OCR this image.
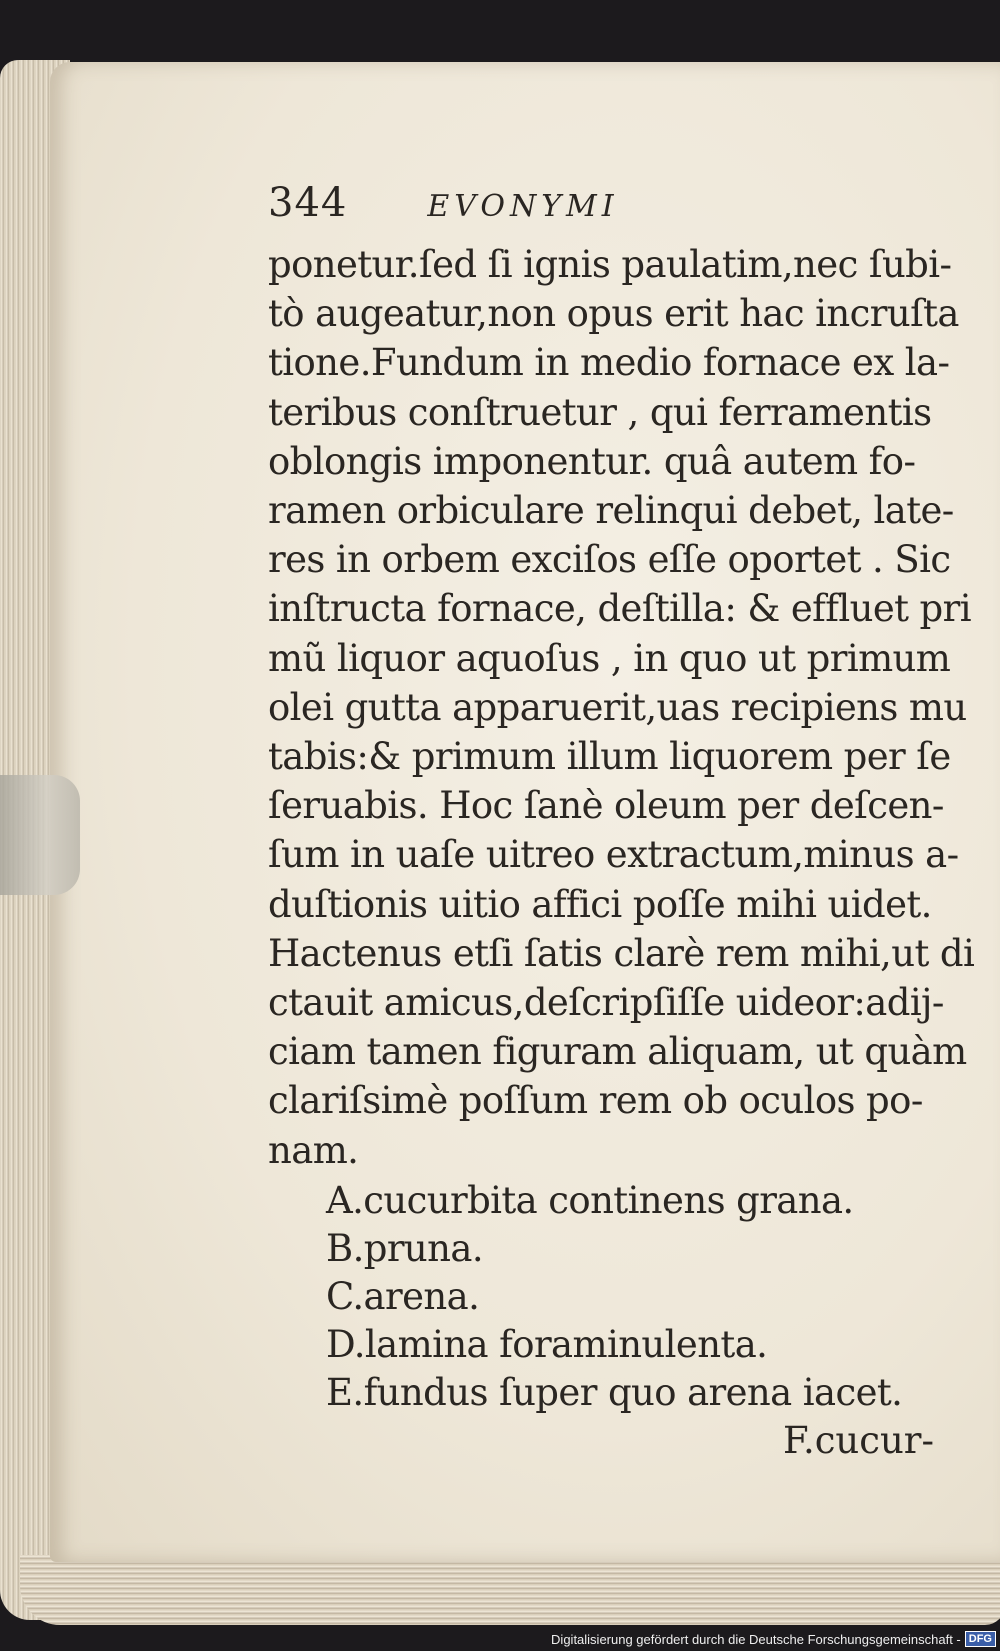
344	EVONYMI
ponetur.ſed ſi ignis paulatim,nec ſubi-
tò augeatur,non opus erit hac incruſta
tione.Fundum in medio fornace ex la-
teribus conſtruetur , qui ferramentis
oblongis imponentur. quâ autem fo-
ramen orbiculare relinqui debet, late-
res in orbem exciſos eſſe oportet . Sic
inſtructa fornace, deſtilla: & effluet pri
mũ liquor aquoſus , in quo ut primum
olei gutta apparuerit,uas recipiens mu
tabis:& primum illum liquorem per ſe
ſeruabis. Hoc ſanè oleum per deſcen-
ſum in uaſe uitreo extractum,minus a-
duſtionis uitio affici poſſe mihi uidet.
Hactenus etſi ſatis clarè rem mihi,ut di
ctauit amicus,deſcripſiſſe uideor:adij-
ciam tamen figuram aliquam, ut quàm
clariſsimè poſſum rem ob oculos po-
nam.
A.cucurbita continens grana.
B.pruna.
C.arena.
D.lamina foraminulenta.
E.fundus ſuper quo arena iacet.
F.cucur-
Digitalisierung gefördert durch die Deutsche Forschungsgemeinschaft - DFG
